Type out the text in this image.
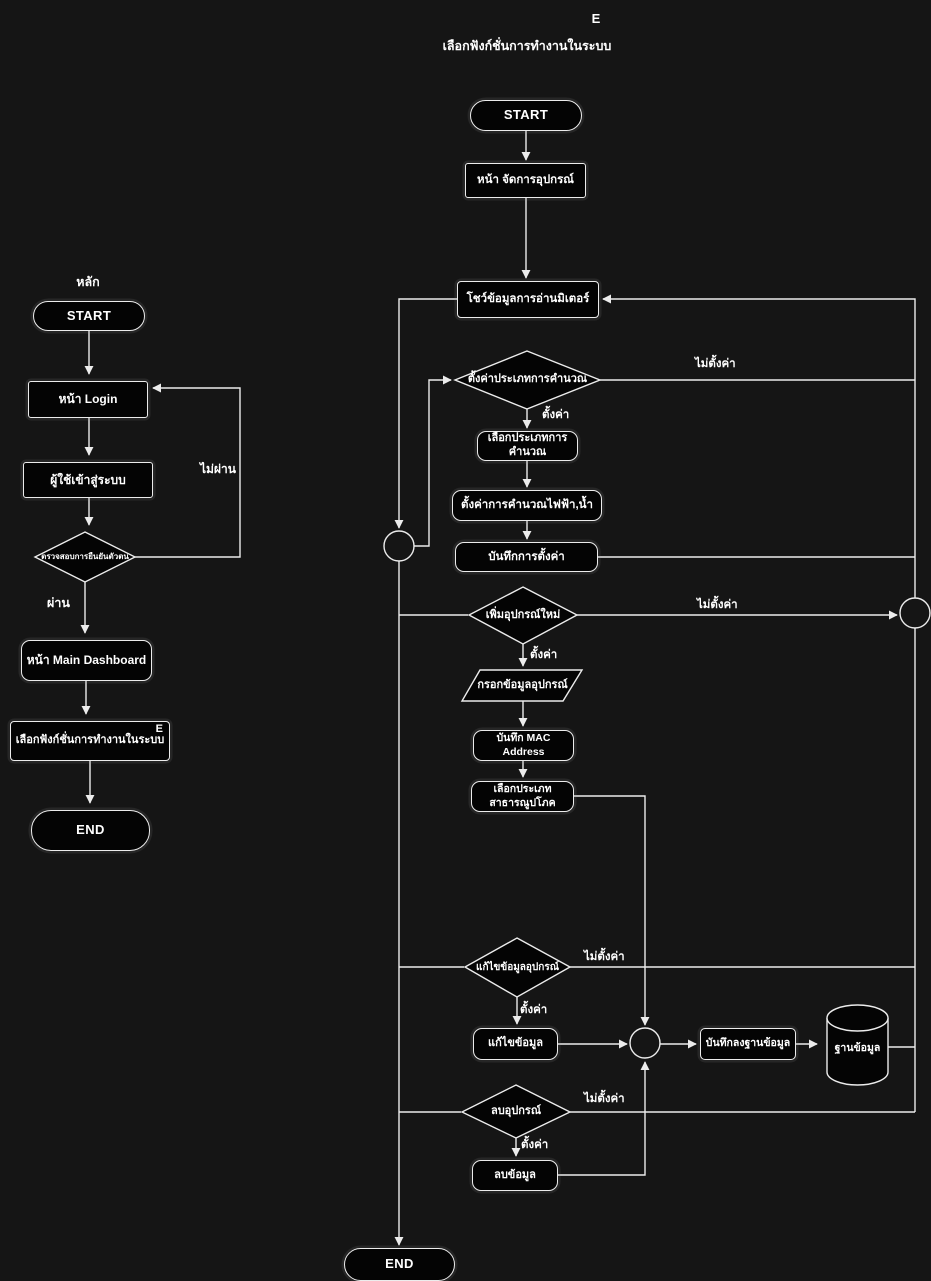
E
เลือกฟังก์ชั่นการทำงานในระบบ
START
หน้า จัดการอุปกรณ์
โชว์ข้อมูลการอ่านมิเตอร์
ตั้งค่าประเภทการคำนวณ
ไม่ตั้งค่า
ตั้งค่า
เลือกประเภทการ
คำนวณ
ตั้งค่าการคำนวณไฟฟ้า,น้ำ
บันทึกการตั้งค่า
เพิ่มอุปกรณ์ใหม่
ไม่ตั้งค่า
ตั้งค่า
กรอกข้อมูลอุปกรณ์
บันทึก MAC
Address
เลือกประเภท
สาธารณูปโภค
แก้ไขข้อมูลอุปกรณ์
ไม่ตั้งค่า
ตั้งค่า
แก้ไขข้อมูล	บันทึกลงฐานข้อมูล	ฐานข้อมูล
ลบอุปกรณ์
ไม่ตั้งค่า
ตั้งค่า
ลบข้อมูล
END
หลัก
START
หน้า Login
ผู้ใช้เข้าสู่ระบบ
ตรวจสอบการยืนยันตัวตน
ไม่ผ่าน
ผ่าน
หน้า Main Dashboard
E
เลือกฟังก์ชั่นการทำงานในระบบ
END
